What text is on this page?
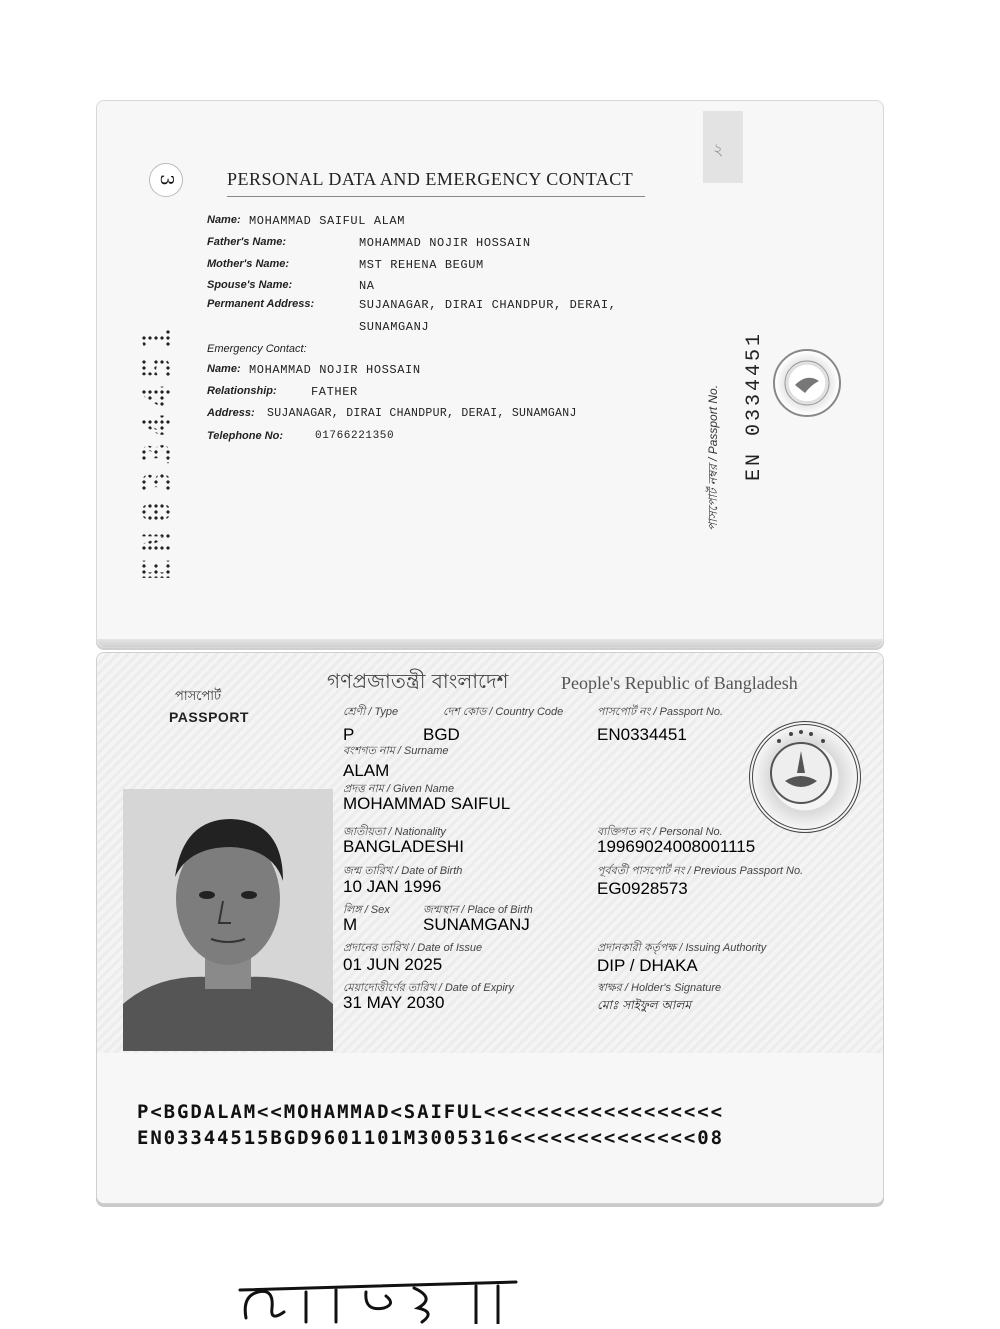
২
3	PERSONAL DATA AND EMERGENCY CONTACT
EN0334451
Name: MOHAMMAD SAIFUL ALAM
Father's Name:	MOHAMMAD NOJIR HOSSAIN
Mother's Name:	MST REHENA BEGUM
Spouse's Name:	NA
Permanent Address:	SUJANAGAR, DIRAI CHANDPUR, DERAI,
SUNAMGANJ
Emergency Contact:
Name: MOHAMMAD NOJIR HOSSAIN
Relationship:	FATHER
Address: SUJANAGAR, DIRAI CHANDPUR, DERAI, SUNAMGANJ
Telephone No:	01766221350	পাসপোর্ট নম্বর / Passport No. EN 0334451
পাসপোর্ট
PASSPORT
গণপ্রজাতন্ত্রী বাংলাদেশ	People's Republic of Bangladesh
শ্রেণী / Type	দেশ কোড / Country Code	পাসপোর্ট নং / Passport No.
P	BGD	EN0334451
বংশগত নাম / Surname
ALAM
প্রদত্ত নাম / Given Name
MOHAMMAD SAIFUL
জাতীয়তা / Nationality
BANGLADESHI
ব্যক্তিগত নং / Personal No.
19969024008001115
জন্ম তারিখ / Date of Birth
10 JAN 1996
পূর্ববর্তী পাসপোর্ট নং / Previous Passport No.
EG0928573
লিঙ্গ / Sex	জন্মস্থান / Place of Birth
M	SUNAMGANJ
প্রদানের তারিখ / Date of Issue
01 JUN 2025
প্রদানকারী কর্তৃপক্ষ / Issuing Authority
DIP / DHAKA
মেয়াদোত্তীর্ণের তারিখ / Date of Expiry
31 MAY 2030
স্বাক্ষর / Holder's Signature
মোঃ সাইফুল আলম
P<BGDALAM<<MOHAMMAD<SAIFUL<<<<<<<<<<<<<<<<<<
EN03344515BGD9601101M3005316<<<<<<<<<<<<<<08
